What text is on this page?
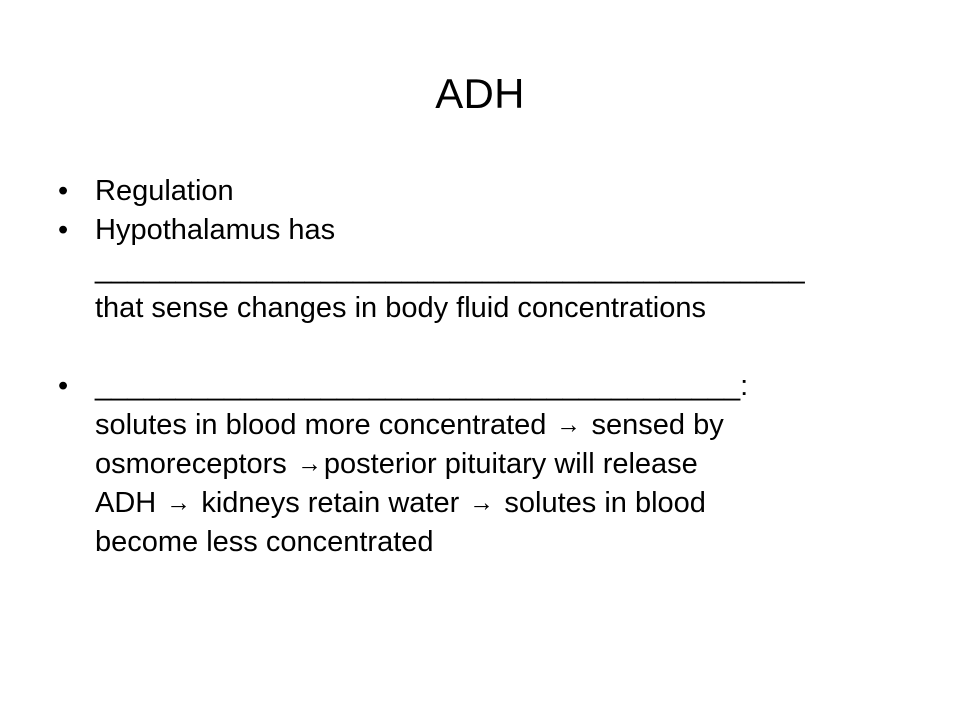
ADH
• Regulation
• Hypothalamus has
____________________________________________
that sense changes in body fluid concentrations
• ________________________________________:
solutes in blood more concentrated → sensed by
osmoreceptors →posterior pituitary will release
ADH → kidneys retain water → solutes in blood
become less concentrated
